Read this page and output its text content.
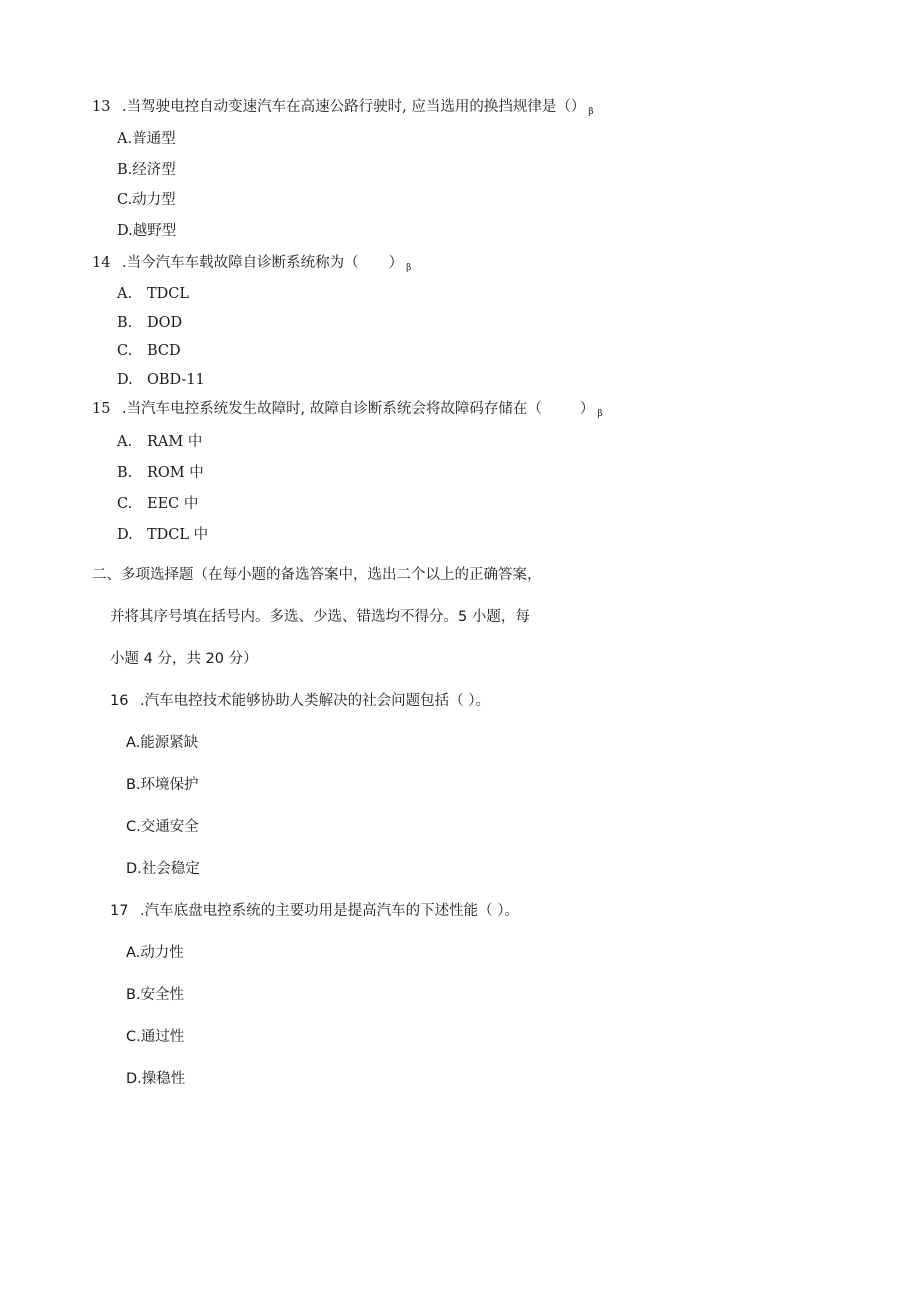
13 .当驾驶电控自动变速汽车在高速公路行驶时, 应当选用的换挡规律是（） $_\beta$
A.普通型
B.经济型
C.动力型
D.越野型
14 .当今汽车车载故障自诊断系统称为（ ） $_\beta$
A. TDCL
B. DOD
C. BCD
D. OBD-11
15 .当汽车电控系统发生故障时, 故障自诊断系统会将故障码存储在（	） $_\beta$
A. RAM 中
B. ROM 中
C. EEC 中
D. TDCL 中
二、多项选择题（在每小题的备选答案中，选出二个以上的正确答案，
并将其序号填在括号内。多选、少选、错选均不得分。5 小题，每
小题 4 分，共 20 分）
16 .汽车电控技术能够协助人类解决的社会问题包括（ ）。
A.能源紧缺
B.环境保护
C.交通安全
D.社会稳定
17 .汽车底盘电控系统的主要功用是提高汽车的下述性能（ ）。
A.动力性
B.安全性
C.通过性
D.操稳性
